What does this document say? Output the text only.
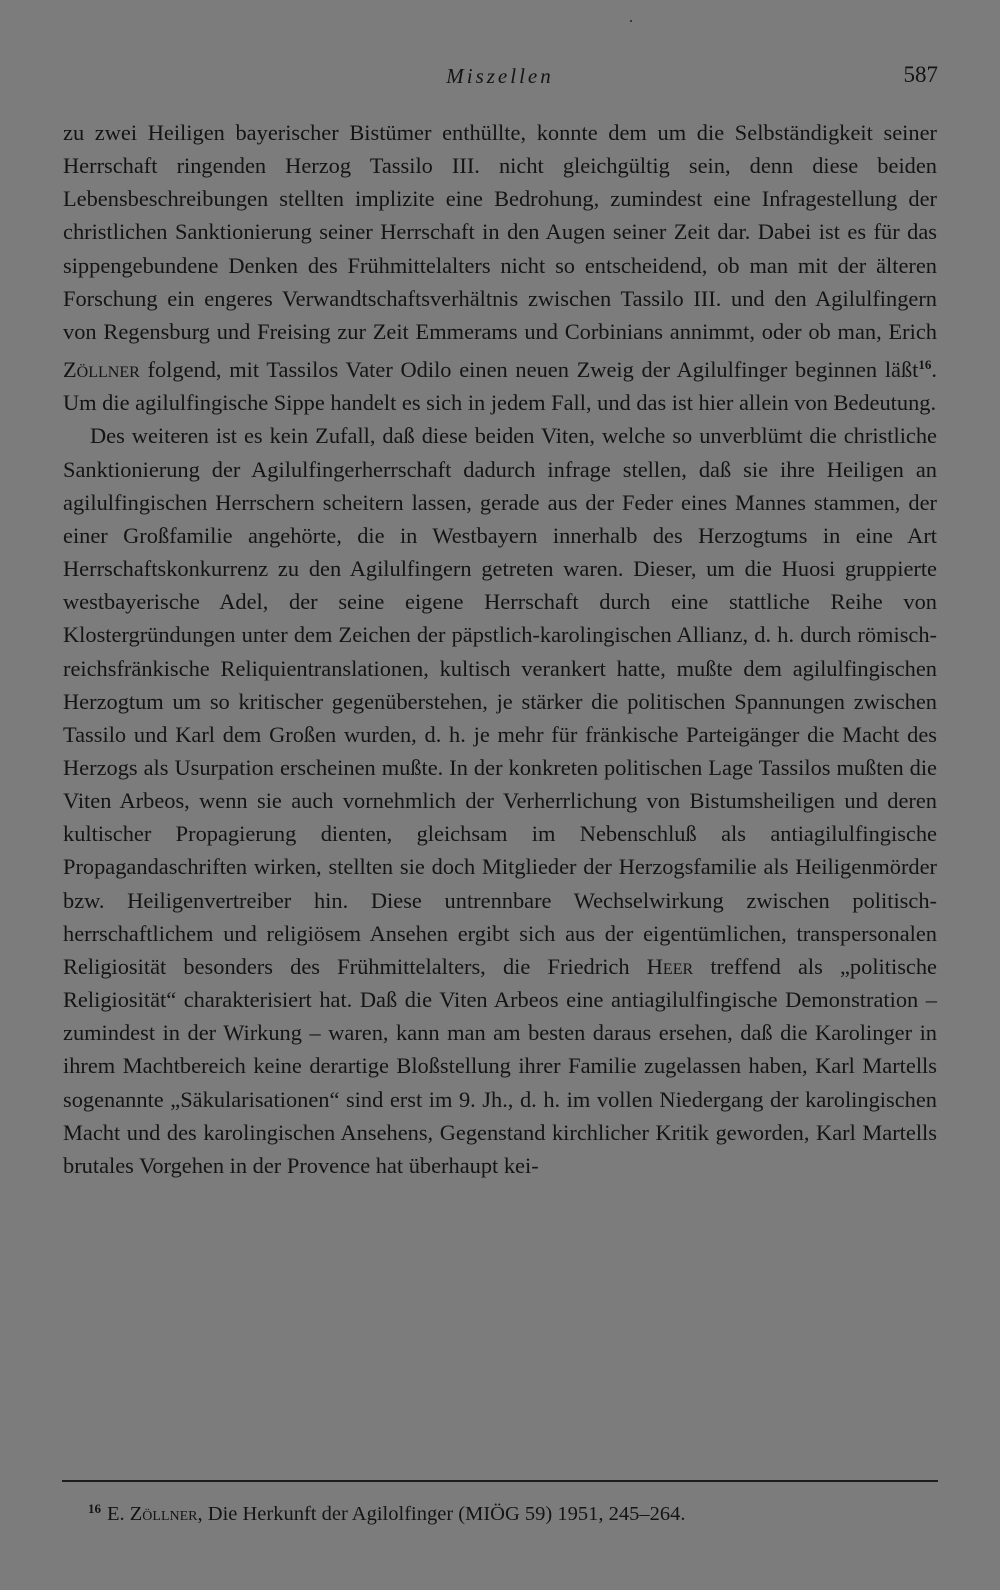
Miszellen	587

zu zwei Heiligen bayerischer Bistümer enthüllte, konnte dem um die Selbständigkeit seiner Herrschaft ringenden Herzog Tassilo III. nicht gleichgültig sein, denn diese beiden Lebensbeschreibungen stellten implizite eine Bedrohung, zumindest eine Infragestellung der christlichen Sanktionierung seiner Herrschaft in den Augen seiner Zeit dar. Dabei ist es für das sippengebundene Denken des Frühmittelalters nicht so entscheidend, ob man mit der älteren Forschung ein engeres Verwandtschaftsverhältnis zwischen Tassilo III. und den Agilulfingern von Regensburg und Freising zur Zeit Emmerams und Corbinians annimmt, oder ob man, Erich Zöllner folgend, mit Tassilos Vater Odilo einen neuen Zweig der Agilulfinger beginnen läßt$^{16}$. Um die agilulfingische Sippe handelt es sich in jedem Fall, und das ist hier allein von Bedeutung.

Des weiteren ist es kein Zufall, daß diese beiden Viten, welche so unverblümt die christliche Sanktionierung der Agilulfingerherrschaft dadurch infrage stellen, daß sie ihre Heiligen an agilulfingischen Herrschern scheitern lassen, gerade aus der Feder eines Mannes stammen, der einer Großfamilie angehörte, die in Westbayern innerhalb des Herzogtums in eine Art Herrschaftskonkurrenz zu den Agilulfingern getreten waren. Dieser, um die Huosi gruppierte westbayerische Adel, der seine eigene Herrschaft durch eine stattliche Reihe von Klostergründungen unter dem Zeichen der päpstlich-karolingischen Allianz, d. h. durch römisch-reichsfränkische Reliquientranslationen, kultisch verankert hatte, mußte dem agilulfingischen Herzogtum um so kritischer gegenüberstehen, je stärker die politischen Spannungen zwischen Tassilo und Karl dem Großen wurden, d. h. je mehr für fränkische Parteigänger die Macht des Herzogs als Usurpation erscheinen mußte. In der konkreten politischen Lage Tassilos mußten die Viten Arbeos, wenn sie auch vornehmlich der Verherrlichung von Bistumsheiligen und deren kultischer Propagierung dienten, gleichsam im Nebenschluß als antiagilulfingische Propagandaschriften wirken, stellten sie doch Mitglieder der Herzogsfamilie als Heiligenmörder bzw. Heiligenvertreiber hin. Diese untrennbare Wechselwirkung zwischen politisch-herrschaftlichem und religiösem Ansehen ergibt sich aus der eigentümlichen, transpersonalen Religiosität besonders des Frühmittelalters, die Friedrich Heer treffend als „politische Religiosität“ charakterisiert hat. Daß die Viten Arbeos eine antiagilulfingische Demonstration – zumindest in der Wirkung – waren, kann man am besten daraus ersehen, daß die Karolinger in ihrem Machtbereich keine derartige Bloßstellung ihrer Familie zugelassen haben, Karl Martells sogenannte „Säkularisationen“ sind erst im 9. Jh., d. h. im vollen Niedergang der karolingischen Macht und des karolingischen Ansehens, Gegenstand kirchlicher Kritik geworden, Karl Martells brutales Vorgehen in der Provence hat überhaupt kei-

$^{16}$ E. Zöllner, Die Herkunft der Agilolfinger (MIÖG 59) 1951, 245–264.
